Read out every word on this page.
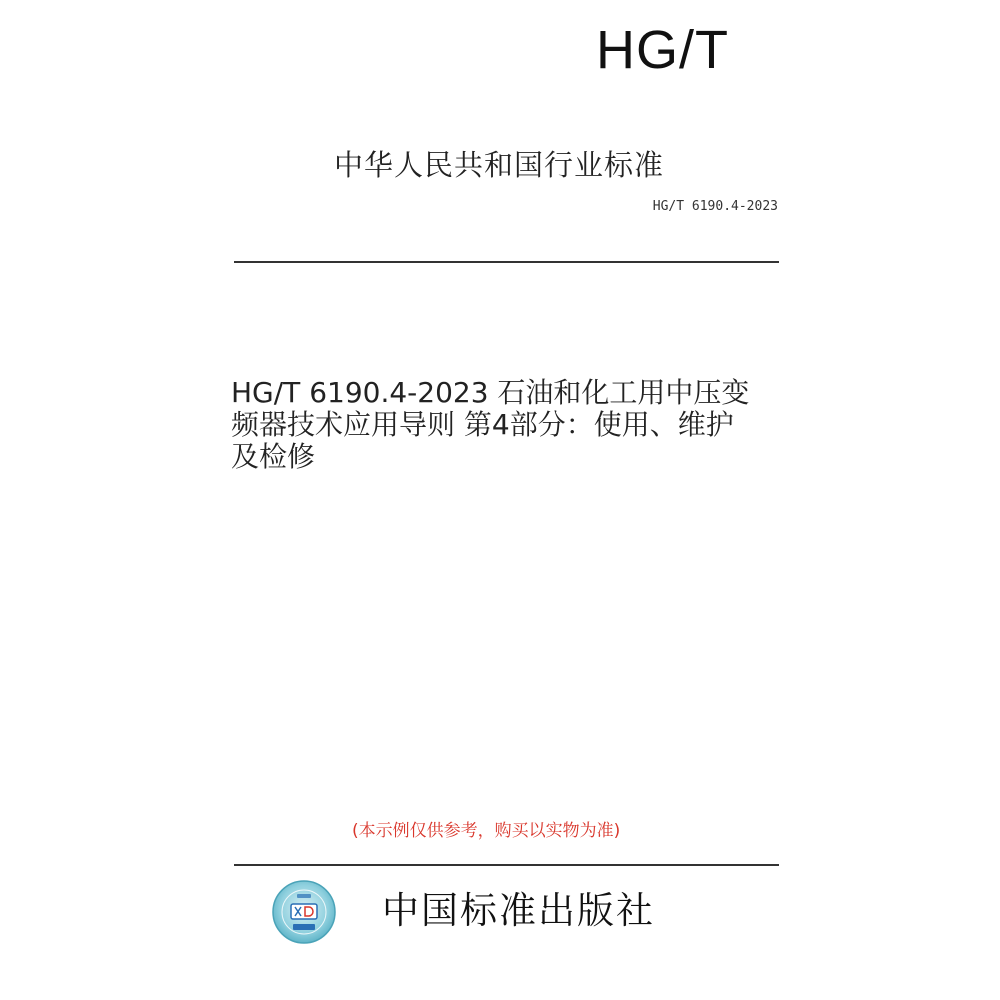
HG/T
中华人民共和国行业标准
HG/T 6190.4-2023
HG/T 6190.4-2023 石油和化工用中压变
频器技术应用导则 第4部分：使用、维护
及检修
(本示例仅供参考，购买以实物为准)
中国标准出版社
